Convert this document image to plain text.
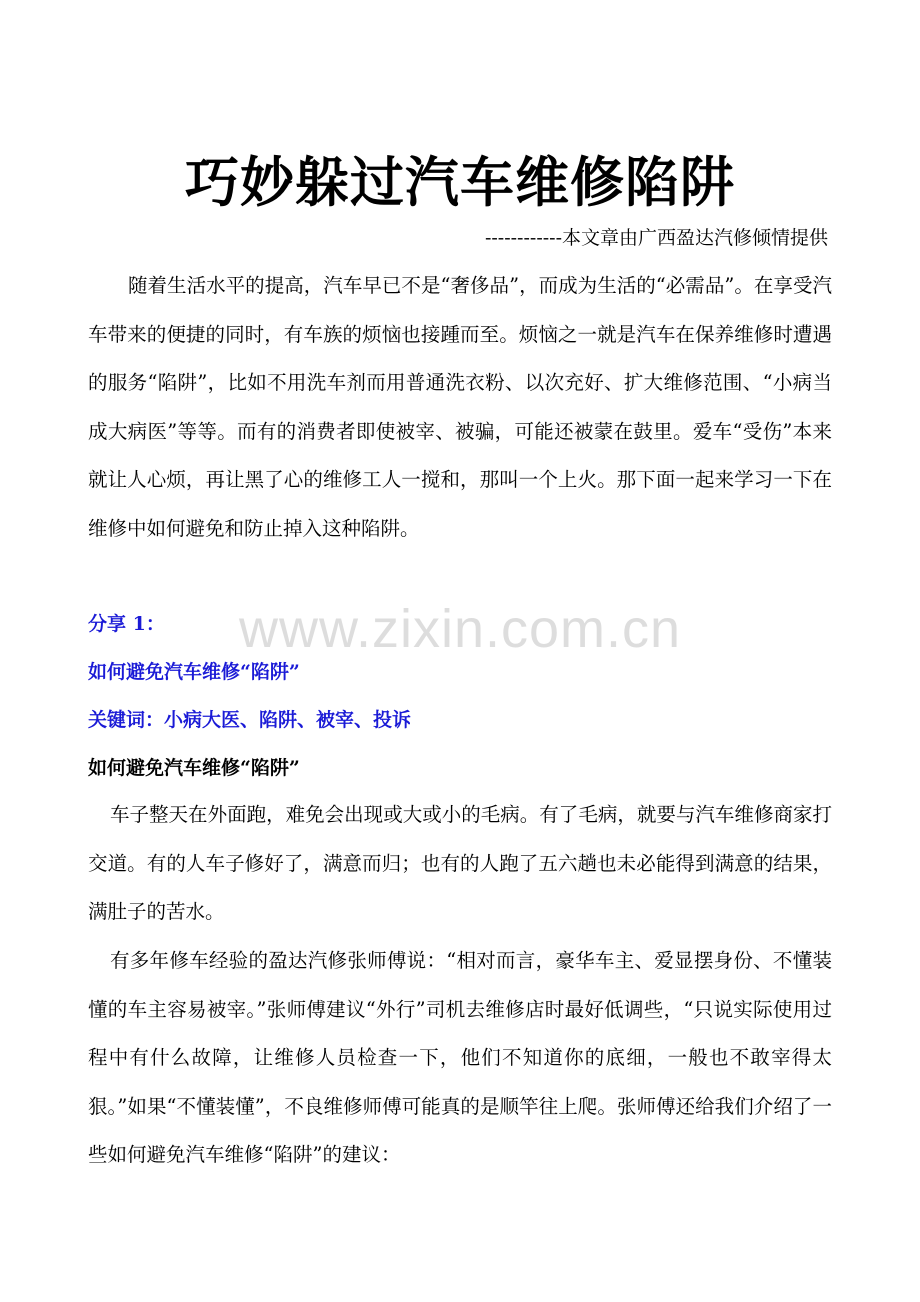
巧妙躲过汽车维修陷阱
------------本文章由广西盈达汽修倾情提供

随着生活水平的提高，汽车早已不是“奢侈品”，而成为生活的“必需品”。在享受汽车带来的便捷的同时，有车族的烦恼也接踵而至。烦恼之一就是汽车在保养维修时遭遇的服务“陷阱”，比如不用洗车剂而用普通洗衣粉、以次充好、扩大维修范围、“小病当成大病医”等等。而有的消费者即使被宰、被骗，可能还被蒙在鼓里。爱车“受伤”本来就让人心烦，再让黑了心的维修工人一搅和，那叫一个上火。那下面一起来学习一下在维修中如何避免和防止掉入这种陷阱。

分享 1：
如何避免汽车维修“陷阱”
关键词：小病大医、陷阱、被宰、投诉
如何避免汽车维修“陷阱”

车子整天在外面跑，难免会出现或大或小的毛病。有了毛病，就要与汽车维修商家打交道。有的人车子修好了，满意而归；也有的人跑了五六趟也未必能得到满意的结果，满肚子的苦水。

有多年修车经验的盈达汽修张师傅说：“相对而言，豪华车主、爱显摆身份、不懂装懂的车主容易被宰。”张师傅建议“外行”司机去维修店时最好低调些，“只说实际使用过程中有什么故障，让维修人员检查一下，他们不知道你的底细，一般也不敢宰得太狠。”如果“不懂装懂”，不良维修师傅可能真的是顺竿往上爬。张师傅还给我们介绍了一些如何避免汽车维修“陷阱”的建议：

www.zixin.com.cn
